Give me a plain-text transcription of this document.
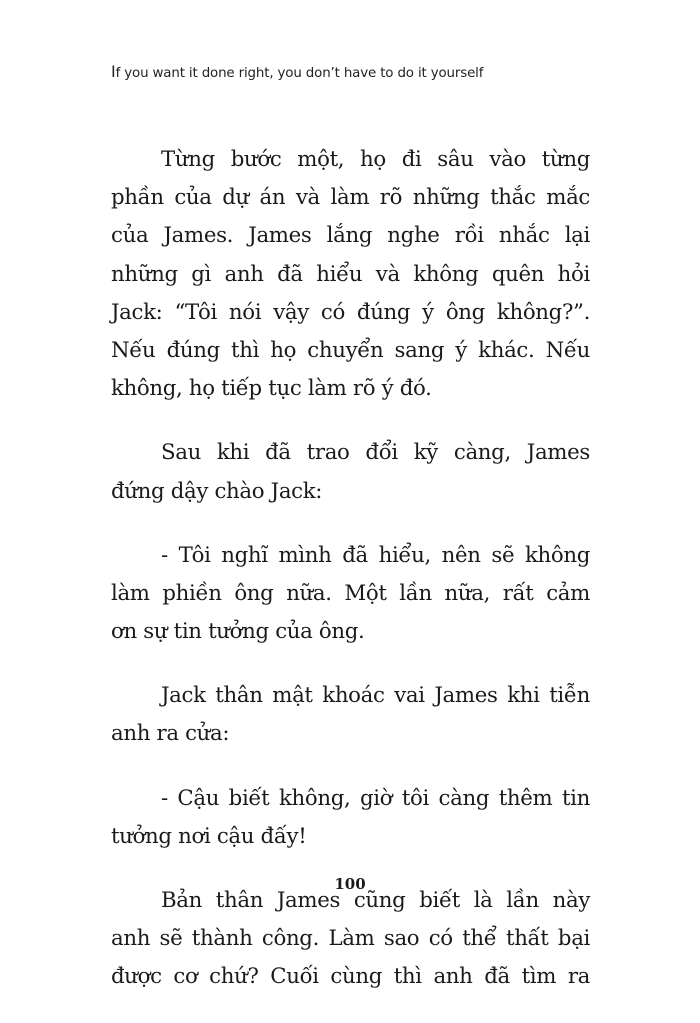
If you want it done right, you don’t have to do it yourself

Từng bước một, họ đi sâu vào từng
phần của dự án và làm rõ những thắc mắc
của James. James lắng nghe rồi nhắc lại
những gì anh đã hiểu và không quên hỏi
Jack: “Tôi nói vậy có đúng ý ông không?”.
Nếu đúng thì họ chuyển sang ý khác. Nếu
không, họ tiếp tục làm rõ ý đó.

Sau khi đã trao đổi kỹ càng, James
đứng dậy chào Jack:

- Tôi nghĩ mình đã hiểu, nên sẽ không
làm phiền ông nữa. Một lần nữa, rất cảm
ơn sự tin tưởng của ông.

Jack thân mật khoác vai James khi tiễn
anh ra cửa:

- Cậu biết không, giờ tôi càng thêm tin
tưởng nơi cậu đấy!

Bản thân James cũng biết là lần này
anh sẽ thành công. Làm sao có thể thất bại
được cơ chứ? Cuối cùng thì anh đã tìm ra

100
